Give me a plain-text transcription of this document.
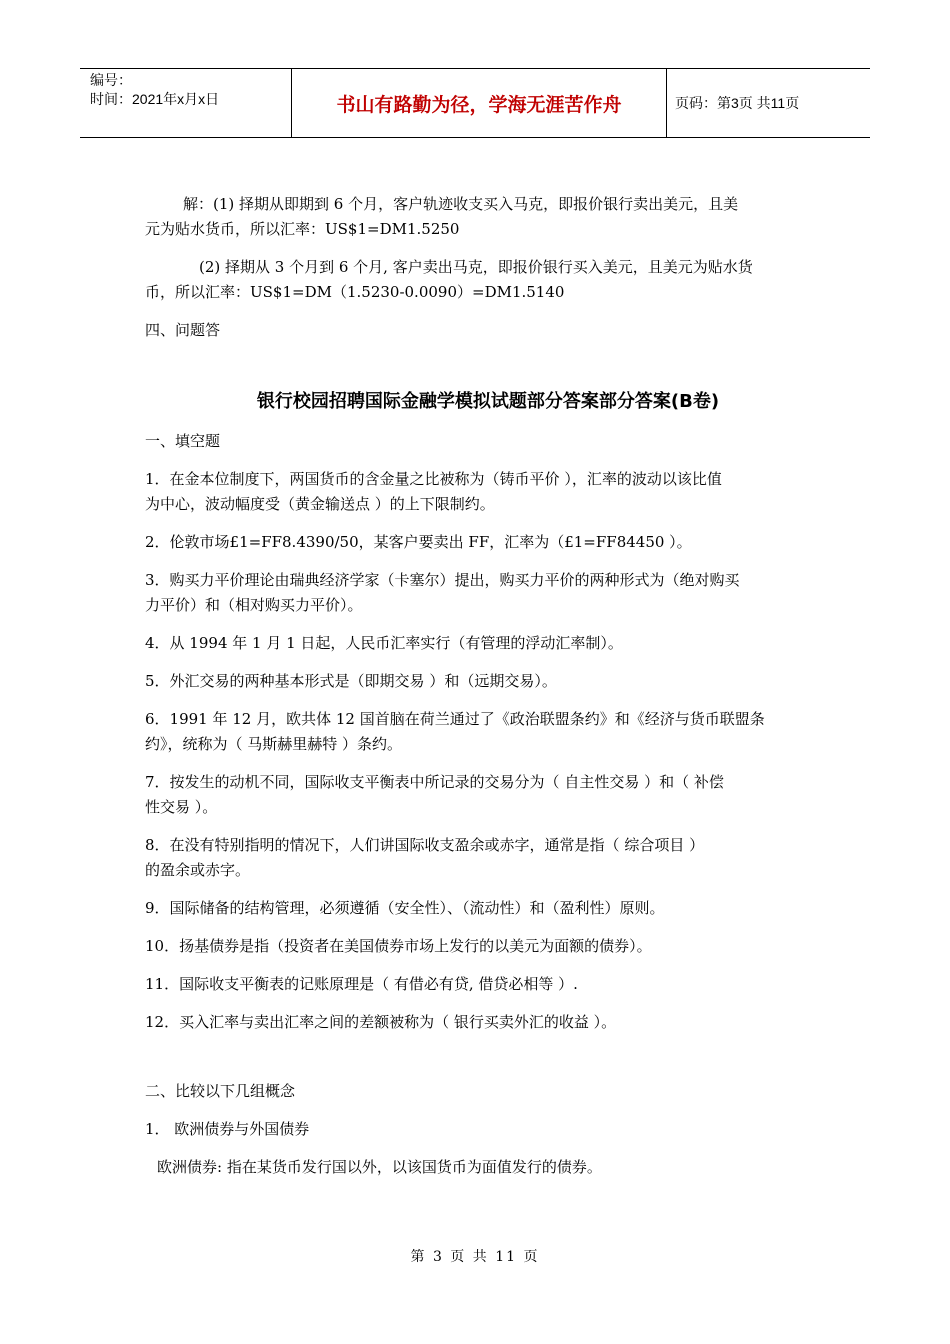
编号：
时间：2021年x月x日	书山有路勤为径，学海无涯苦作舟	页码：第3页 共11页

解：(1) 择期从即期到 6 个月，客户轨迹收支买入马克，即报价银行卖出美元，且美

元为贴水货币，所以汇率：US$1=DM1.5250

(2) 择期从 3 个月到 6 个月, 客户卖出马克，即报价银行买入美元，且美元为贴水货

币，所以汇率：US$1=DM（1.5230-0.0090）=DM1.5140

四、问题答

银行校园招聘国际金融学模拟试题部分答案部分答案(B卷)

一、填空题

1．在金本位制度下，两国货币的含金量之比被称为（铸币平价 ），汇率的波动以该比值

为中心，波动幅度受（黄金输送点 ）的上下限制约。

2．伦敦市场£1=FF8.4390/50，某客户要卖出 FF，汇率为（£1=FF84450 ）。

3．购买力平价理论由瑞典经济学家（卡塞尔）提出，购买力平价的两种形式为（绝对购买

力平价）和（相对购买力平价）。

4．从 1994 年 1 月 1 日起，人民币汇率实行（有管理的浮动汇率制）。

5．外汇交易的两种基本形式是（即期交易 ）和（远期交易）。

6．1991 年 12 月，欧共体 12 国首脑在荷兰通过了《政治联盟条约》和《经济与货币联盟条

约》，统称为（ 马斯赫里赫特 ）条约。

7．按发生的动机不同，国际收支平衡表中所记录的交易分为（ 自主性交易 ）和（ 补偿

性交易 ）。

8．在没有特别指明的情况下，人们讲国际收支盈余或赤字，通常是指（ 综合项目 ）

的盈余或赤字。

9．国际储备的结构管理，必须遵循（安全性）、（流动性）和（盈利性）原则。

10．扬基债券是指（投资者在美国债券市场上发行的以美元为面额的债券）。

11．国际收支平衡表的记账原理是（ 有借必有贷, 借贷必相等 ）.

12．买入汇率与卖出汇率之间的差额被称为（ 银行买卖外汇的收益 ）。

二、比较以下几组概念

1． 欧洲债券与外国债券

欧洲债券: 指在某货币发行国以外，以该国货币为面值发行的债券。

第 3 页 共 11 页
